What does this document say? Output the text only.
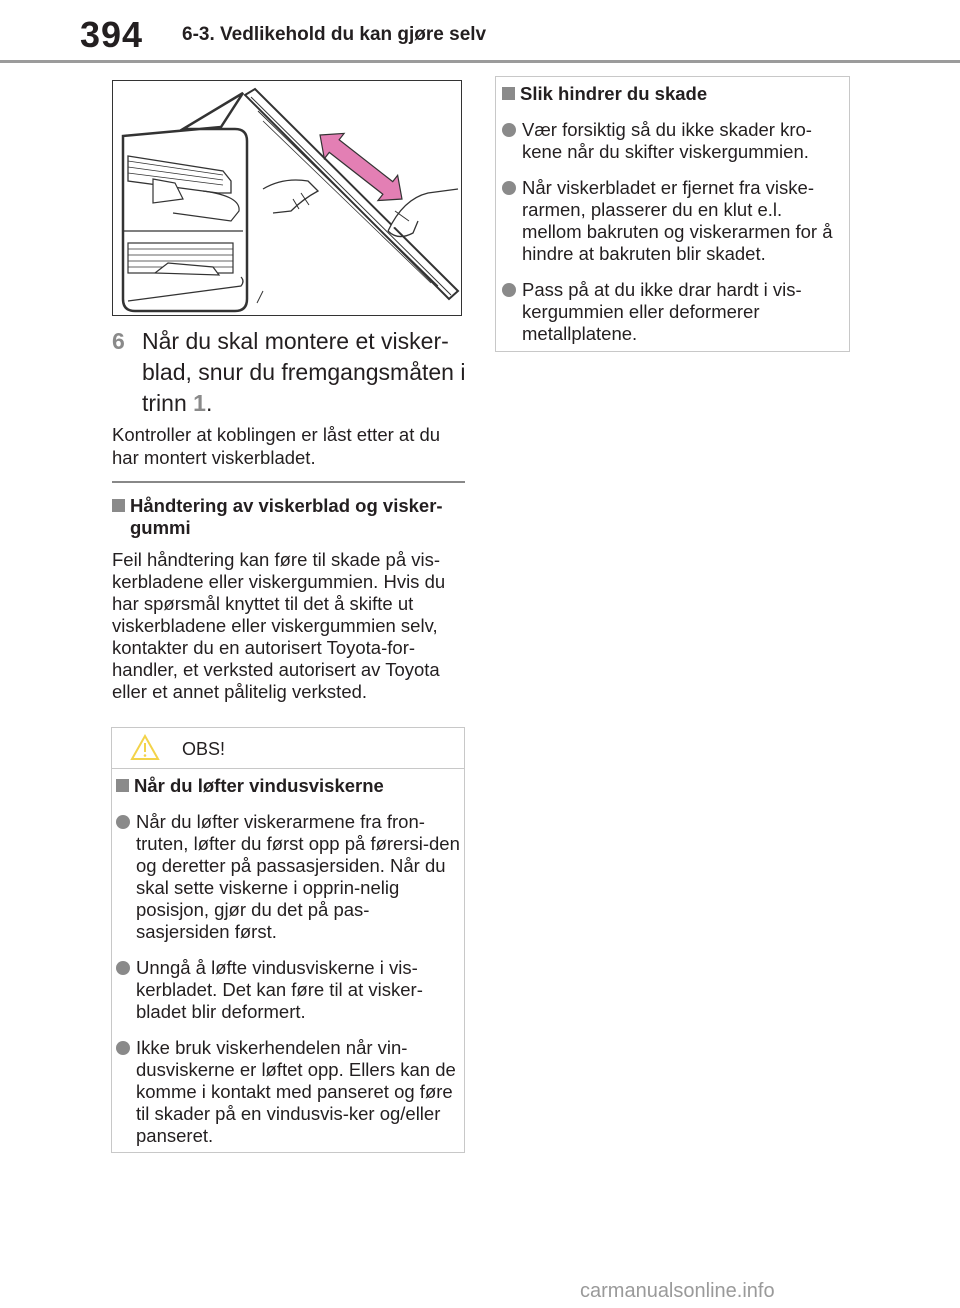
394 6-3. Vedlikehold du kan gjøre selv
6 Når du skal montere et visker-blad, snur du fremgangsmåten i trinn 1.
Kontroller at koblingen er låst etter at du har montert viskerbladet.
Håndtering av viskerblad og visker-gummi
Feil håndtering kan føre til skade på vis-kerbladene eller viskergummien. Hvis du har spørsmål knyttet til det å skifte ut viskerbladene eller viskergummien selv, kontakter du en autorisert Toyota-for-handler, et verksted autorisert av Toyota eller et annet pålitelig verksted.
OBS!
Når du løfter vindusviskerne
Når du løfter viskerarmene fra fron-truten, løfter du først opp på førersi-den og deretter på passasjersiden. Når du skal sette viskerne i opprin-nelig posisjon, gjør du det på pas-sasjersiden først.
Unngå å løfte vindusviskerne i vis-kerbladet. Det kan føre til at visker-bladet blir deformert.
Ikke bruk viskerhendelen når vin-dusviskerne er løftet opp. Ellers kan de komme i kontakt med panseret og føre til skader på en vindusvis-ker og/eller panseret.
Slik hindrer du skade
Vær forsiktig så du ikke skader kro-kene når du skifter viskergummien.
Når viskerbladet er fjernet fra viske-rarmen, plasserer du en klut e.l. mellom bakruten og viskerarmen for å hindre at bakruten blir skadet.
Pass på at du ikke drar hardt i vis-kergummien eller deformerer metallplatene.
carmanualsonline.info
